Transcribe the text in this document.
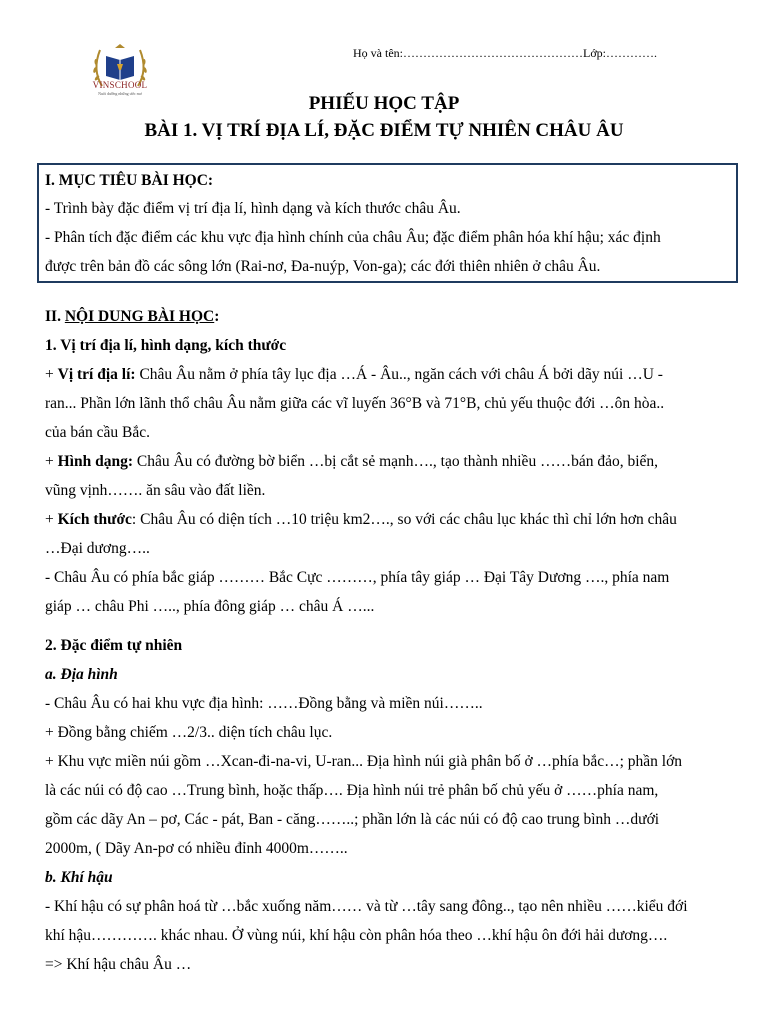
VINSCHOOL
Nuôi dưỡng những ước mơ
Họ và tên:………………………………………Lớp:………….
PHIẾU HỌC TẬP
BÀI 1. VỊ TRÍ ĐỊA LÍ, ĐẶC ĐIỂM TỰ NHIÊN CHÂU ÂU
I. MỤC TIÊU BÀI HỌC:
- Trình bày đặc điểm vị trí địa lí, hình dạng và kích thước châu Âu.
- Phân tích đặc điểm các khu vực địa hình chính của châu Âu; đặc điểm phân hóa khí hậu; xác định
được trên bản đồ các sông lớn (Rai-nơ, Đa-nuýp, Von-ga); các đới thiên nhiên ở châu Âu.
II. NỘI DUNG BÀI HỌC:
1. Vị trí địa lí, hình dạng, kích thước
+ Vị trí địa lí: Châu Âu nằm ở phía tây lục địa …Á - Âu.., ngăn cách với châu Á bởi dãy núi …U -
ran... Phần lớn lãnh thổ châu Âu nằm giữa các vĩ luyến 36°B và 71°B, chủ yếu thuộc đới …ôn hòa..
của bán cầu Bắc.
+ Hình dạng: Châu Âu có đường bờ biển …bị cắt sẻ mạnh…., tạo thành nhiều ……bán đảo, biển,
vũng vịnh……. ăn sâu vào đất liền.
+ Kích thước: Châu Âu có diện tích …10 triệu km2…., so với các châu lục khác thì chỉ lớn hơn châu
…Đại dương…..
- Châu Âu có phía bắc giáp ……… Bắc Cực ………, phía tây giáp … Đại Tây Dương …., phía nam
giáp … châu Phi ….., phía đông giáp … châu Á …...
2. Đặc điểm tự nhiên
a. Địa hình
- Châu Âu có hai khu vực địa hình: ……Đồng bằng và miền núi……..
+ Đồng bằng chiếm …2/3.. diện tích châu lục.
+ Khu vực miền núi gồm …Xcan-đi-na-vi, U-ran... Địa hình núi già phân bố ở …phía bắc…; phần lớn
là các núi có độ cao …Trung bình, hoặc thấp…. Địa hình núi trẻ phân bố chủ yếu ở ……phía nam,
gồm các dãy An – pơ, Các - pát, Ban - căng……..; phần lớn là các núi có độ cao trung bình …dưới
2000m, ( Dãy An-pơ có nhiều đỉnh 4000m……..
b. Khí hậu
- Khí hậu có sự phân hoá từ …bắc xuống năm…… và từ …tây sang đông.., tạo nên nhiều ……kiểu đới
khí hậu…………. khác nhau. Ở vùng núi, khí hậu còn phân hóa theo …khí hậu ôn đới hải dương….
=> Khí hậu châu Âu …
